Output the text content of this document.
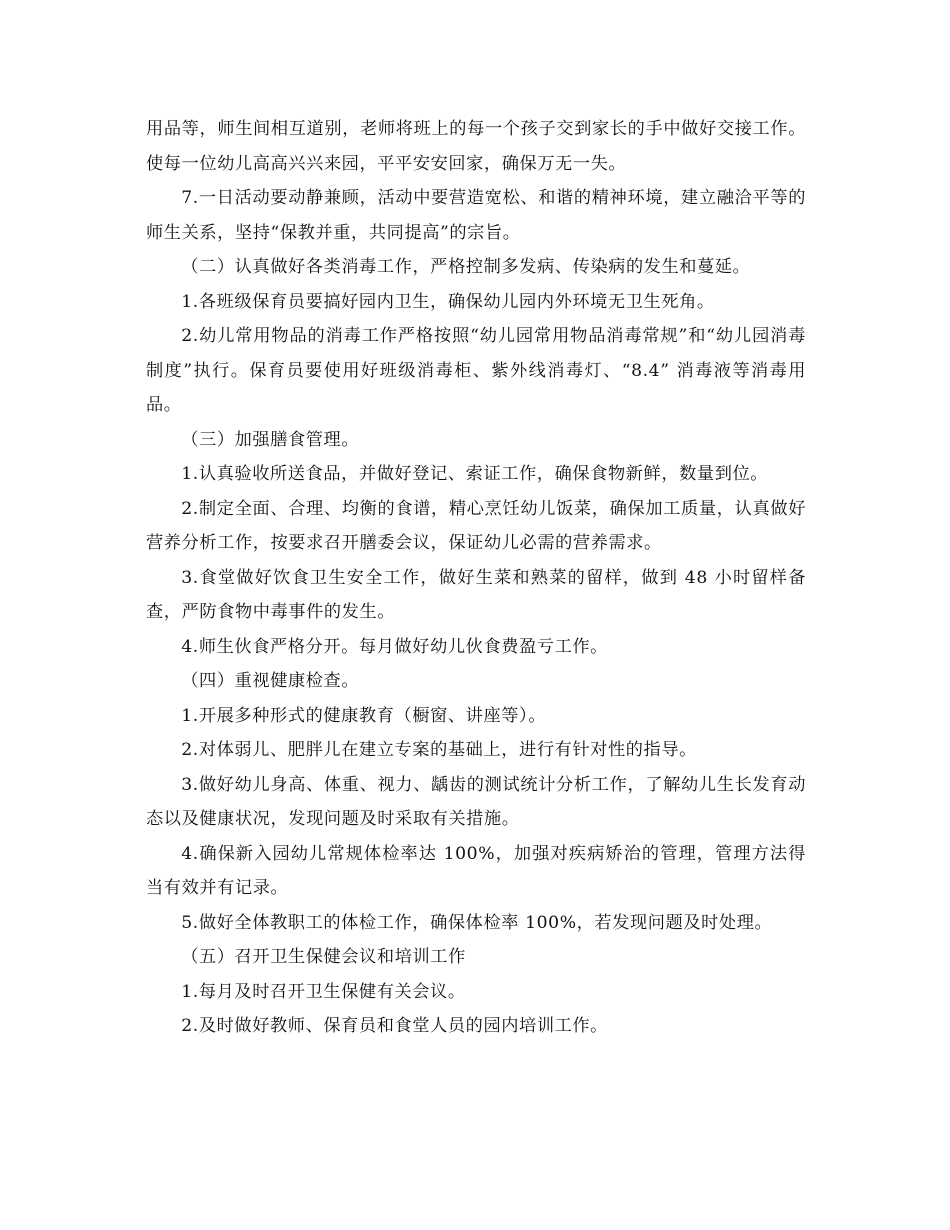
用品等，师生间相互道别，老师将班上的每一个孩子交到家长的手中做好交接工作。使每一位幼儿高高兴兴来园，平平安安回家，确保万无一失。

7.一日活动要动静兼顾，活动中要营造宽松、和谐的精神环境，建立融洽平等的师生关系，坚持“保教并重，共同提高”的宗旨。

（二）认真做好各类消毒工作，严格控制多发病、传染病的发生和蔓延。

1.各班级保育员要搞好园内卫生，确保幼儿园内外环境无卫生死角。

2.幼儿常用物品的消毒工作严格按照“幼儿园常用物品消毒常规”和“幼儿园消毒制度”执行。保育员要使用好班级消毒柜、紫外线消毒灯、“8.4” 消毒液等消毒用品。

（三）加强膳食管理。

1.认真验收所送食品，并做好登记、索证工作，确保食物新鲜，数量到位。

2.制定全面、合理、均衡的食谱，精心烹饪幼儿饭菜，确保加工质量，认真做好营养分析工作，按要求召开膳委会议，保证幼儿必需的营养需求。

3.食堂做好饮食卫生安全工作，做好生菜和熟菜的留样，做到 48 小时留样备查，严防食物中毒事件的发生。

4.师生伙食严格分开。每月做好幼儿伙食费盈亏工作。

（四）重视健康检查。

1.开展多种形式的健康教育（橱窗、讲座等）。

2.对体弱儿、肥胖儿在建立专案的基础上，进行有针对性的指导。

3.做好幼儿身高、体重、视力、龋齿的测试统计分析工作，了解幼儿生长发育动态以及健康状况，发现问题及时采取有关措施。

4.确保新入园幼儿常规体检率达 100%，加强对疾病矫治的管理，管理方法得当有效并有记录。

5.做好全体教职工的体检工作，确保体检率 100%，若发现问题及时处理。

（五）召开卫生保健会议和培训工作

1.每月及时召开卫生保健有关会议。

2.及时做好教师、保育员和食堂人员的园内培训工作。
